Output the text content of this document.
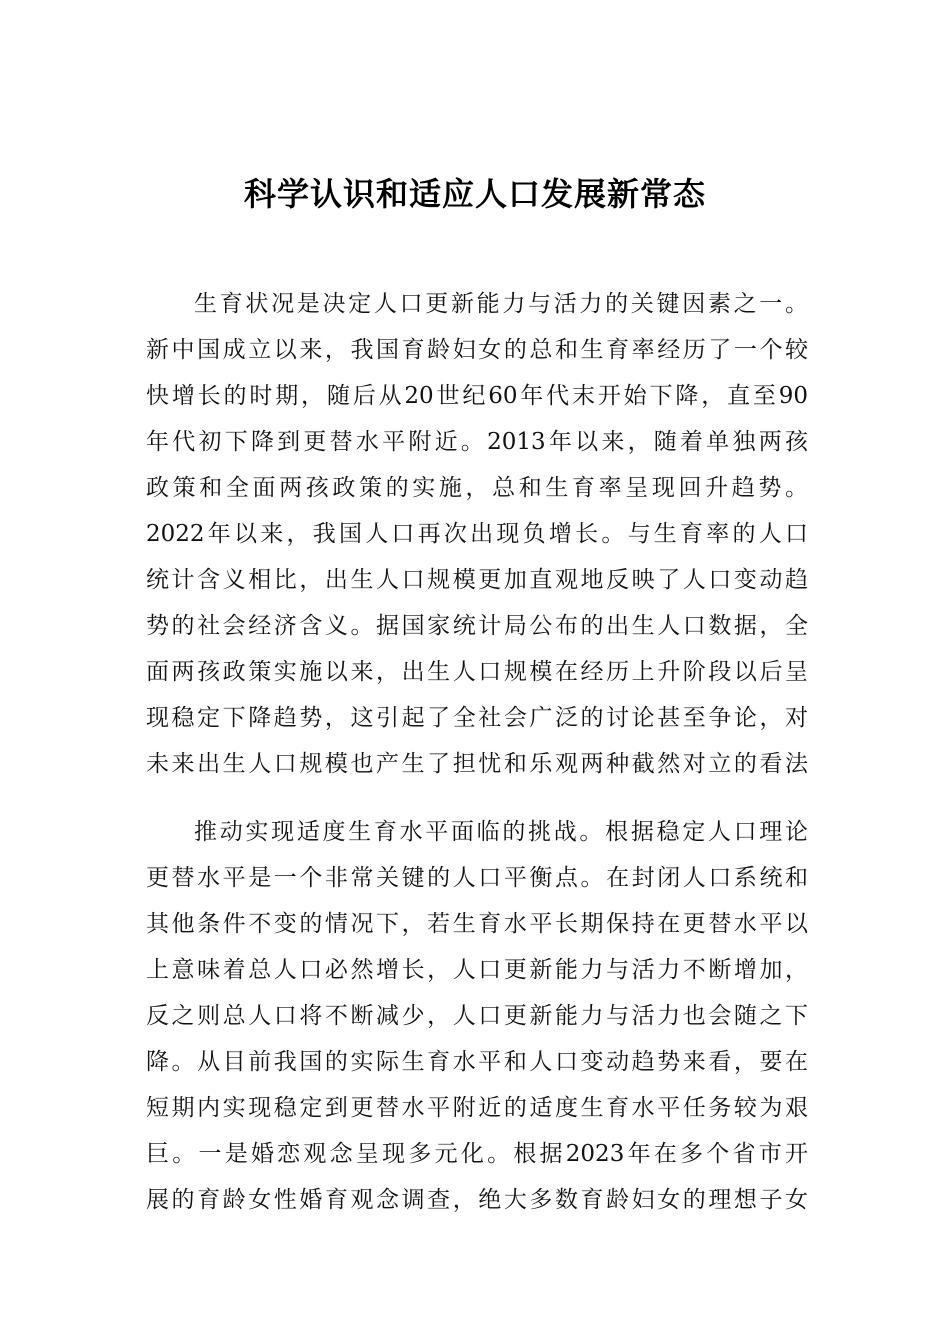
科学认识和适应人口发展新常态
生育状况是决定人口更新能力与活力的关键因素之一。
新中国成立以来，我国育龄妇女的总和生育率经历了一个较
快增长的时期，随后从20世纪60年代末开始下降，直至90
年代初下降到更替水平附近。2013年以来，随着单独两孩
政策和全面两孩政策的实施，总和生育率呈现回升趋势。
2022年以来，我国人口再次出现负增长。与生育率的人口
统计含义相比，出生人口规模更加直观地反映了人口变动趋
势的社会经济含义。据国家统计局公布的出生人口数据，全
面两孩政策实施以来，出生人口规模在经历上升阶段以后呈
现稳定下降趋势，这引起了全社会广泛的讨论甚至争论，对
未来出生人口规模也产生了担忧和乐观两种截然对立的看法
推动实现适度生育水平面临的挑战。根据稳定人口理论
更替水平是一个非常关键的人口平衡点。在封闭人口系统和
其他条件不变的情况下，若生育水平长期保持在更替水平以
上意味着总人口必然增长，人口更新能力与活力不断增加，
反之则总人口将不断减少，人口更新能力与活力也会随之下
降。从目前我国的实际生育水平和人口变动趋势来看，要在
短期内实现稳定到更替水平附近的适度生育水平任务较为艰
巨。一是婚恋观念呈现多元化。根据2023年在多个省市开
展的育龄女性婚育观念调查，绝大多数育龄妇女的理想子女
